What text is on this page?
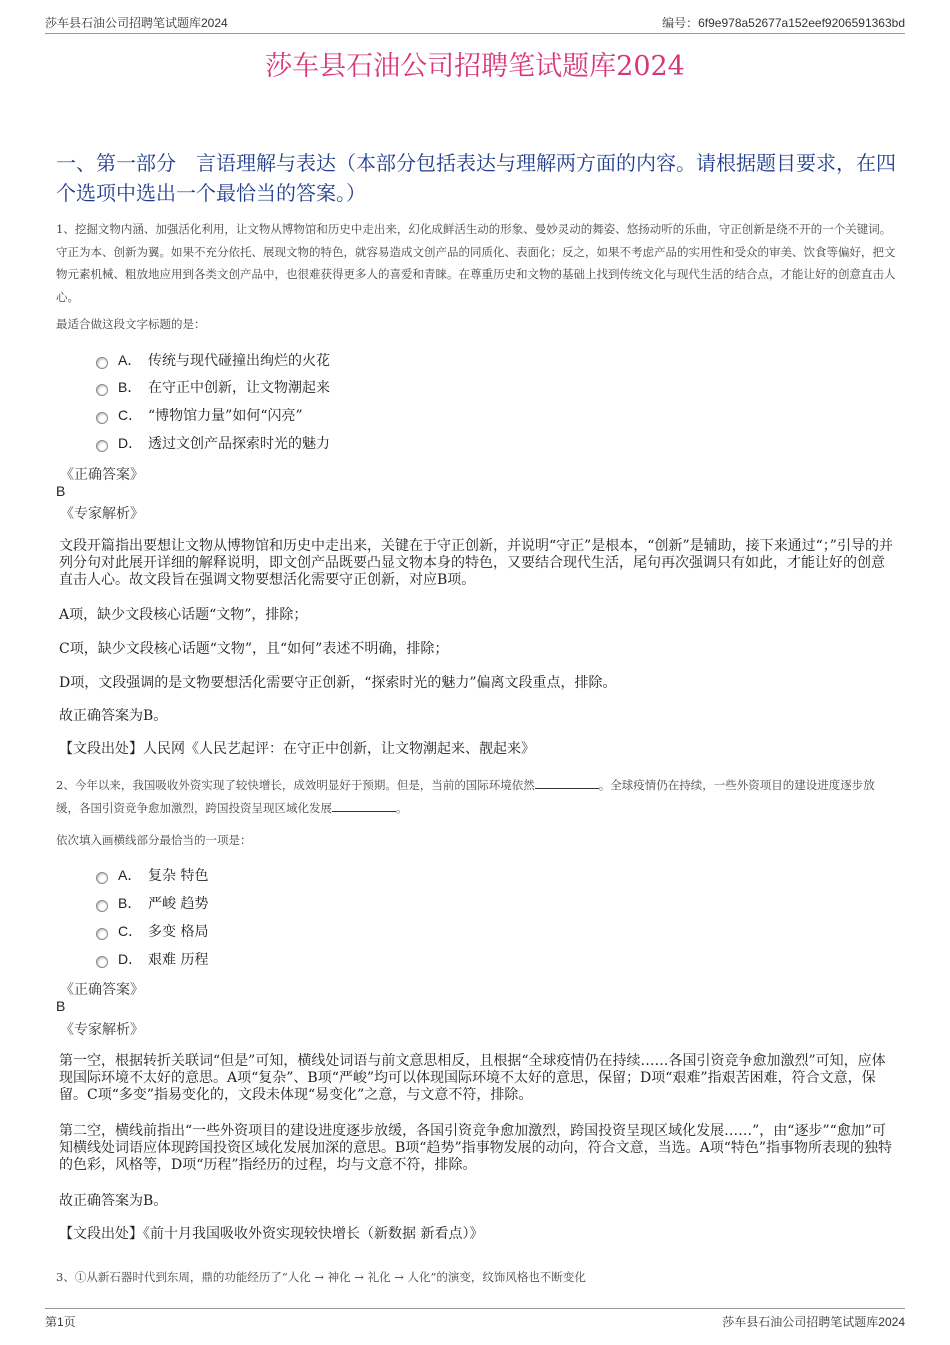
莎车县石油公司招聘笔试题库2024	编号：6f9e978a52677a152eef9206591363bd
莎车县石油公司招聘笔试题库2024
一、第一部分　言语理解与表达（本部分包括表达与理解两方面的内容。请根据题目要求，在四个选项中选出一个最恰当的答案。）
1、挖掘文物内涵、加强活化利用，让文物从博物馆和历史中走出来，幻化成鲜活生动的形象、曼妙灵动的舞姿、悠扬动听的乐曲，守正创新是绕不开的一个关键词。守正为本、创新为翼。如果不充分依托、展现文物的特色，就容易造成文创产品的同质化、表面化；反之，如果不考虑产品的实用性和受众的审美、饮食等偏好，把文物元素机械、粗放地应用到各类文创产品中，也很难获得更多人的喜爱和青睐。在尊重历史和文物的基础上找到传统文化与现代生活的结合点，才能让好的创意直击人心。
最适合做这段文字标题的是：
A． 传统与现代碰撞出绚烂的火花
B． 在守正中创新，让文物潮起来
C． “博物馆力量”如何“闪亮”
D． 透过文创产品探索时光的魅力
《正确答案》
B
《专家解析》
文段开篇指出要想让文物从博物馆和历史中走出来，关键在于守正创新，并说明“守正”是根本，“创新”是辅助，接下来通过“；”引导的并列分句对此展开详细的解释说明，即文创产品既要凸显文物本身的特色，又要结合现代生活，尾句再次强调只有如此，才能让好的创意直击人心。故文段旨在强调文物要想活化需要守正创新，对应B项。
A项，缺少文段核心话题“文物”，排除；
C项，缺少文段核心话题“文物”，且“如何”表述不明确，排除；
D项，文段强调的是文物要想活化需要守正创新，“探索时光的魅力”偏离文段重点，排除。
故正确答案为B。
【文段出处】人民网《人民艺起评：在守正中创新，让文物潮起来、靓起来》
2、今年以来，我国吸收外资实现了较快增长，成效明显好于预期。但是，当前的国际环境依然	。全球疫情仍在持续，一些外资项目的建设进度逐步放缓，各国引资竞争愈加激烈，跨国投资呈现区域化发展	。
依次填入画横线部分最恰当的一项是：
A． 复杂 特色
B． 严峻 趋势
C． 多变 格局
D． 艰难 历程
《正确答案》
B
《专家解析》
第一空，根据转折关联词“但是”可知，横线处词语与前文意思相反，且根据“全球疫情仍在持续……各国引资竞争愈加激烈”可知，应体现国际环境不太好的意思。A项“复杂”、B项“严峻”均可以体现国际环境不太好的意思，保留；D项“艰难”指艰苦困难，符合文意，保留。C项“多变”指易变化的，文段未体现“易变化”之意，与文意不符，排除。
第二空，横线前指出“一些外资项目的建设进度逐步放缓，各国引资竞争愈加激烈，跨国投资呈现区域化发展……”，由“逐步”“愈加”可知横线处词语应体现跨国投资区域化发展加深的意思。B项“趋势”指事物发展的动向，符合文意，当选。A项“特色”指事物所表现的独特的色彩，风格等，D项“历程”指经历的过程，均与文意不符，排除。
故正确答案为B。
【文段出处】《前十月我国吸收外资实现较快增长（新数据 新看点）》
3、①从新石器时代到东周，鼎的功能经历了“人化 → 神化 → 礼化 → 人化”的演变，纹饰风格也不断变化
第1页	莎车县石油公司招聘笔试题库2024
